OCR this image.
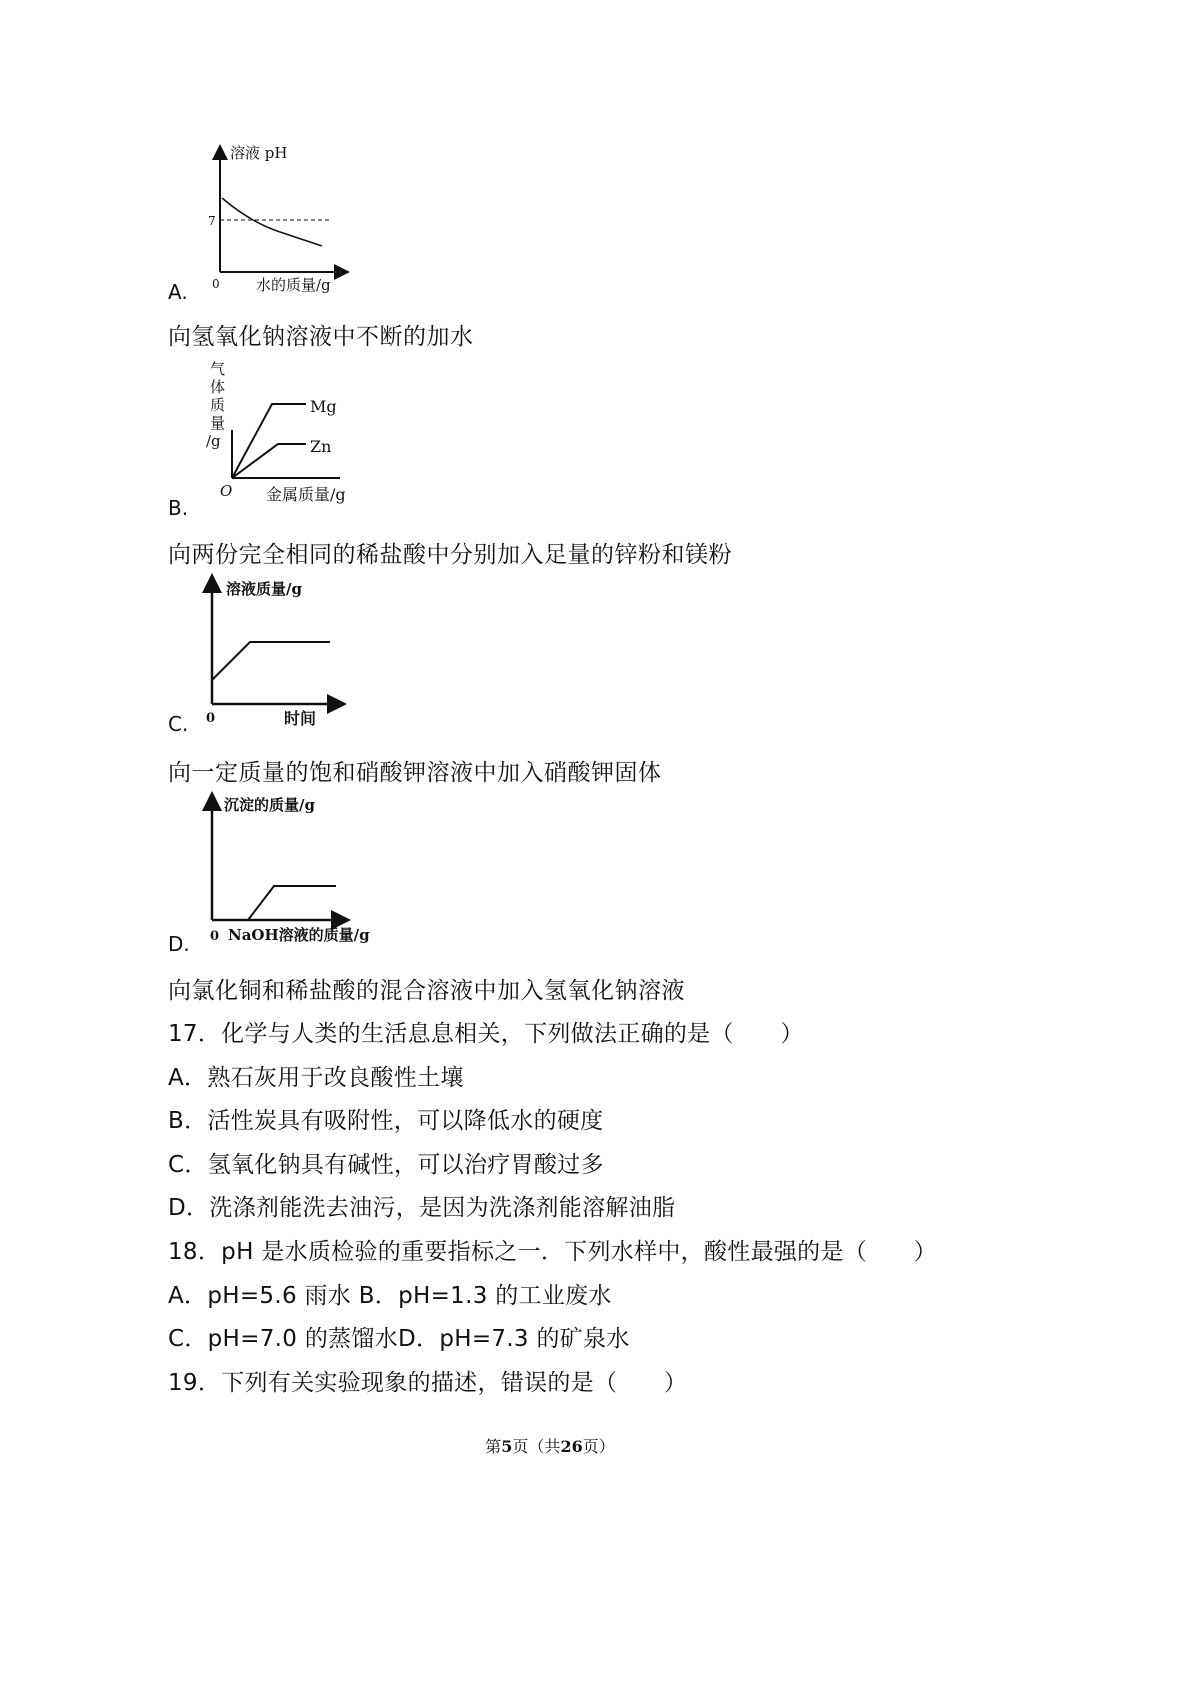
溶液 pH
7
0 水的质量/g
A.
向氢氧化钠溶液中不断的加水
气
体
质
量
/g
Mg
Zn
O 金属质量/g
B.
向两份完全相同的稀盐酸中分别加入足量的锌粉和镁粉
溶液质量/g
0	时间
C.
向一定质量的饱和硝酸钾溶液中加入硝酸钾固体
沉淀的质量/g
0 NaOH溶液的质量/g
D.
向氯化铜和稀盐酸的混合溶液中加入氢氧化钠溶液
17．化学与人类的生活息息相关，下列做法正确的是（　　）
A．熟石灰用于改良酸性土壤
B．活性炭具有吸附性，可以降低水的硬度
C．氢氧化钠具有碱性，可以治疗胃酸过多
D．洗涤剂能洗去油污，是因为洗涤剂能溶解油脂
18．pH 是水质检验的重要指标之一．下列水样中，酸性最强的是（　　）
A．pH=5.6 雨水 B．pH=1.3 的工业废水
C．pH=7.0 的蒸馏水D．pH=7.3 的矿泉水
19．下列有关实验现象的描述，错误的是（　　）
第5页（共26页）
